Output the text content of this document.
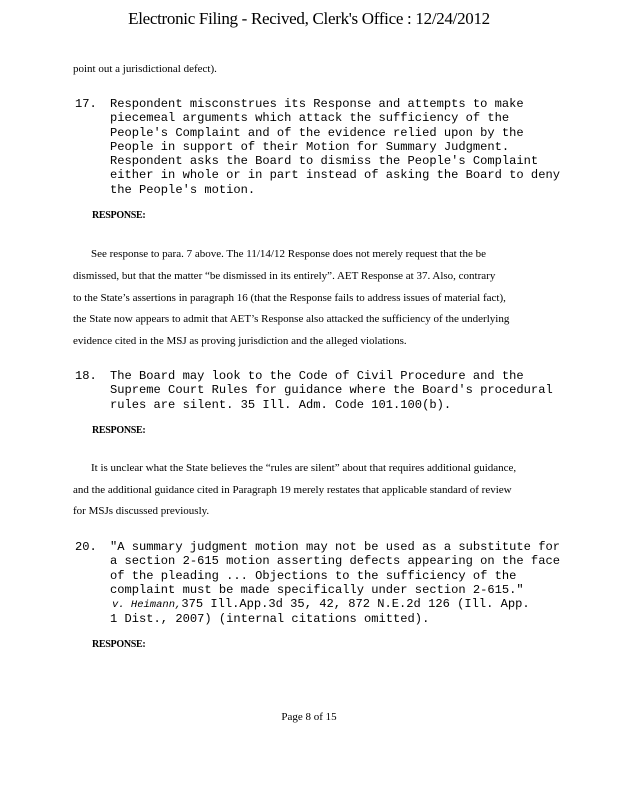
Electronic Filing - Recived, Clerk's Office : 12/24/2012
point out a jurisdictional defect).
17. Respondent misconstrues its Response and attempts to make
piecemeal arguments which attack the sufficiency of the
People's Complaint and of the evidence relied upon by the
People in support of their Motion for Summary Judgment.
Respondent asks the Board to dismiss the People's Complaint
either in whole or in part instead of asking the Board to deny
the People's motion.
RESPONSE:
See response to para. 7 above. The 11/14/12 Response does not merely request that the be
dismissed, but that the matter “be dismissed in its entirely”. AET Response at 37. Also, contrary
to the State’s assertions in paragraph 16 (that the Response fails to address issues of material fact),
the State now appears to admit that AET’s Response also attacked the sufficiency of the underlying
evidence cited in the MSJ as proving jurisdiction and the alleged violations.
18. The Board may look to the Code of Civil Procedure and the
Supreme Court Rules for guidance where the Board's procedural
rules are silent. 35 Ill. Adm. Code 101.100(b).
RESPONSE:
It is unclear what the State believes the “rules are silent” about that requires additional guidance,
and the additional guidance cited in Paragraph 19 merely restates that applicable standard of review
for MSJs discussed previously.
20. "A summary judgment motion may not be used as a substitute for
a section 2-615 motion asserting defects appearing on the face
of the pleading ... Objections to the sufficiency of the
complaint must be made specifically under section 2-615."
v. Heimann,375 Ill.App.3d 35, 42, 872 N.E.2d 126 (Ill. App.
1 Dist., 2007) (internal citations omitted).
RESPONSE:
Page 8 of 15
